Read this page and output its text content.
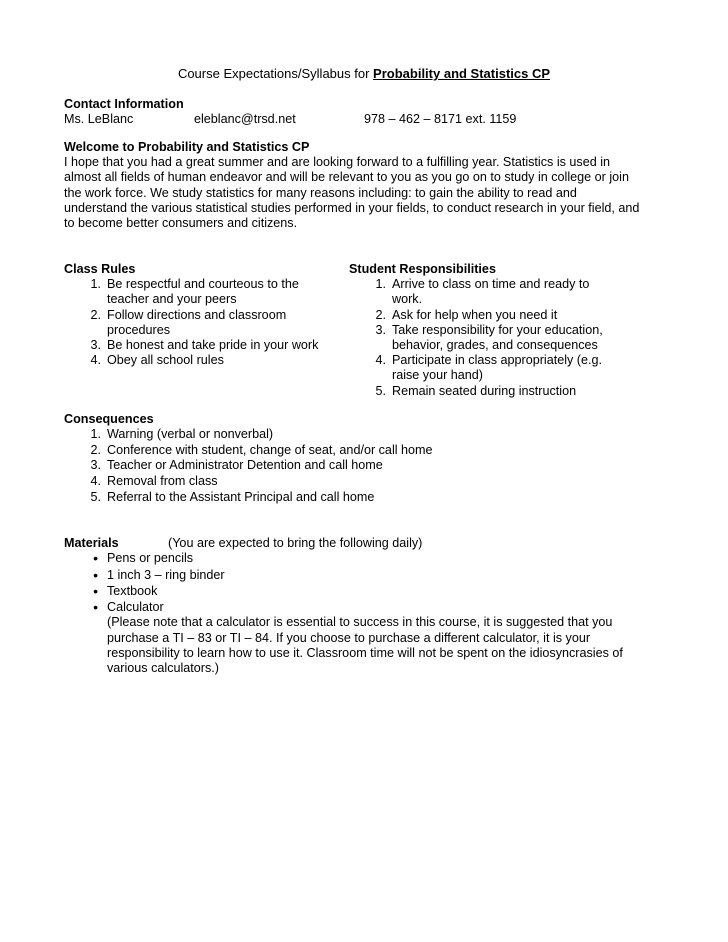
Course Expectations/Syllabus for Probability and Statistics CP
Contact Information
Ms. LeBlanc	eleblanc@trsd.net	978 – 462 – 8171 ext. 1159
Welcome to Probability and Statistics CP

I hope that you had a great summer and are looking forward to a fulfilling year. Statistics is used in

almost all fields of human endeavor and will be relevant to you as you go on to study in college or join

the work force. We study statistics for many reasons including: to gain the ability to read and

understand the various statistical studies performed in your fields, to conduct research in your field, and

to become better consumers and citizens.

Class Rules
1. Be respectful and courteous to the
teacher and your peers
2. Follow directions and classroom
procedures
3. Be honest and take pride in your work
4. Obey all school rules
Student Responsibilities
1. Arrive to class on time and ready to
work.
2. Ask for help when you need it
3. Take responsibility for your education,
behavior, grades, and consequences
4. Participate in class appropriately (e.g.
raise your hand)
5. Remain seated during instruction
Consequences
1. Warning (verbal or nonverbal)
2. Conference with student, change of seat, and/or call home
3. Teacher or Administrator Detention and call home
4. Removal from class
5. Referral to the Assistant Principal and call home
Materials	(You are expected to bring the following daily)
• Pens or pencils
• 1 inch 3 – ring binder
• Textbook
• Calculator
(Please note that a calculator is essential to success in this course, it is suggested that you
purchase a TI – 83 or TI – 84. If you choose to purchase a different calculator, it is your
responsibility to learn how to use it. Classroom time will not be spent on the idiosyncrasies of
various calculators.)
